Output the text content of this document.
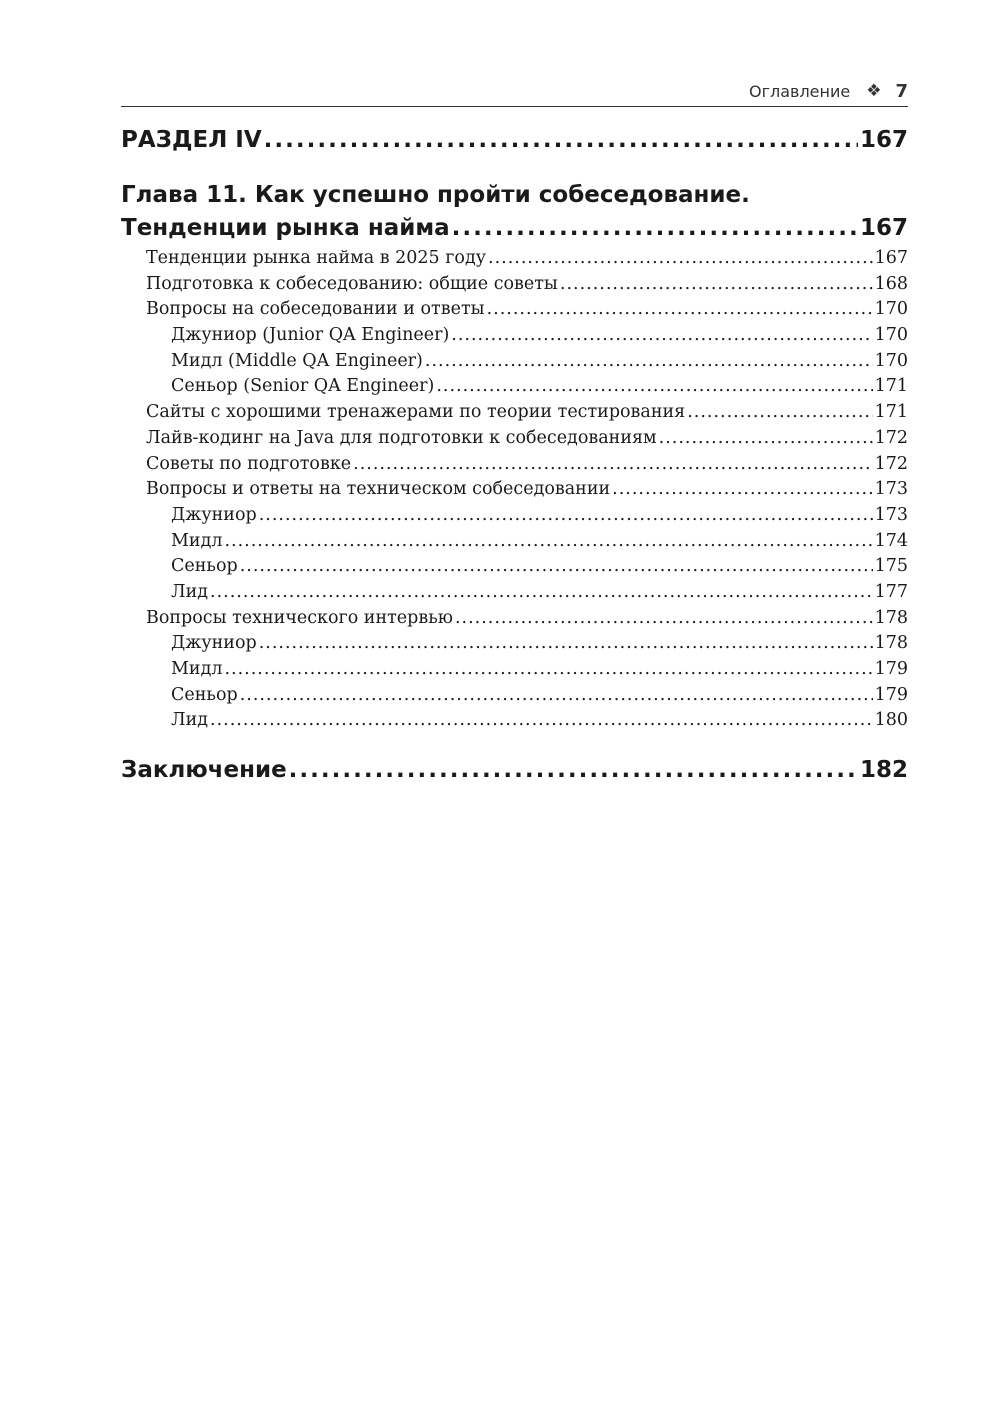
Оглавление ❖ 7
РАЗДЕЛ IV .....	167
Глава 11. Как успешно пройти собеседование.
Тенденции рынка найма .....	167
Тенденции рынка найма в 2025 году .....	167
Подготовка к собеседованию: общие советы .....	168
Вопросы на собеседовании и ответы .....	170
Джуниор (Junior QA Engineer) .....	170
Мидл (Middle QA Engineer) .....	170
Сеньор (Senior QA Engineer) .....	171
Сайты с хорошими тренажерами по теории тестирования .....	171
Лайв-кодинг на Java для подготовки к собеседованиям .....	172
Советы по подготовке .....	172
Вопросы и ответы на техническом собеседовании .....	173
Джуниор .....	173
Мидл .....	174
Сеньор .....	175
Лид .....	177
Вопросы технического интервью .....	178
Джуниор .....	178
Мидл .....	179
Сеньор .....	179
Лид .....	180
Заключение .....	182
